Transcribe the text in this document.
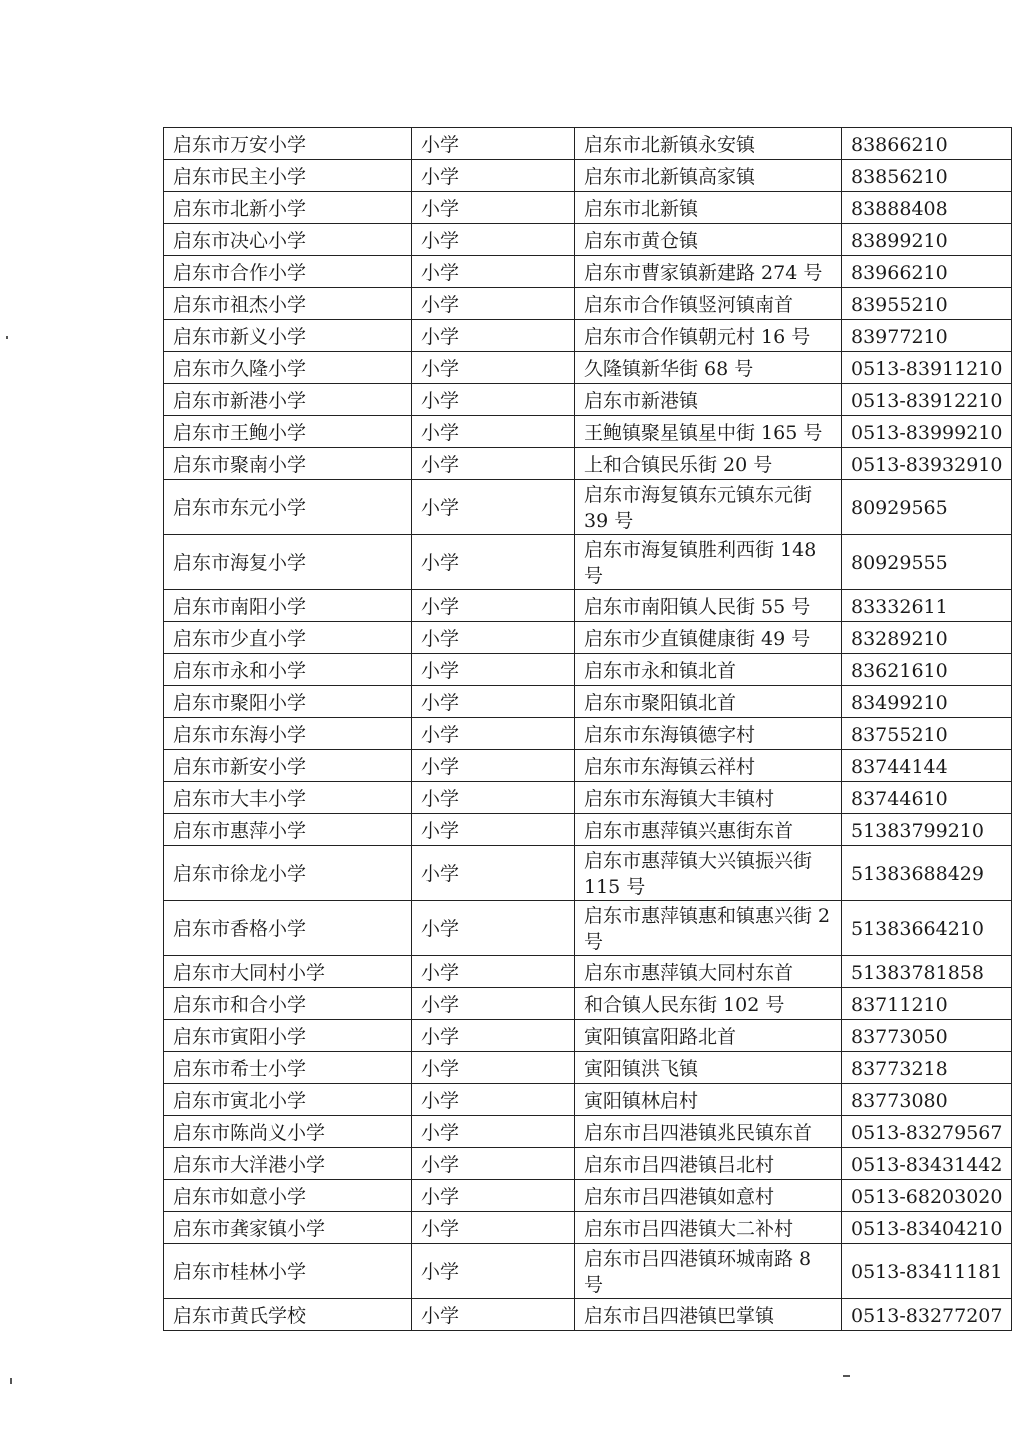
启东市万安小学	小学	启东市北新镇永安镇	83866210
启东市民主小学	小学	启东市北新镇高家镇	83856210
启东市北新小学	小学	启东市北新镇	83888408
启东市决心小学	小学	启东市黄仓镇	83899210
启东市合作小学	小学	启东市曹家镇新建路 274 号	83966210
启东市祖杰小学	小学	启东市合作镇竖河镇南首	83955210
启东市新义小学	小学	启东市合作镇朝元村 16 号	83977210
启东市久隆小学	小学	久隆镇新华街 68 号	0513-83911210
启东市新港小学	小学	启东市新港镇	0513-83912210
启东市王鲍小学	小学	王鲍镇聚星镇星中街 165 号	0513-83999210
启东市聚南小学	小学	上和合镇民乐街 20 号	0513-83932910
启东市东元小学	小学	启东市海复镇东元镇东元街 39 号	80929565
启东市海复小学	小学	启东市海复镇胜利西街 148 号	80929555
启东市南阳小学	小学	启东市南阳镇人民街 55 号	83332611
启东市少直小学	小学	启东市少直镇健康街 49 号	83289210
启东市永和小学	小学	启东市永和镇北首	83621610
启东市聚阳小学	小学	启东市聚阳镇北首	83499210
启东市东海小学	小学	启东市东海镇德字村	83755210
启东市新安小学	小学	启东市东海镇云祥村	83744144
启东市大丰小学	小学	启东市东海镇大丰镇村	83744610
启东市惠萍小学	小学	启东市惠萍镇兴惠街东首	51383799210
启东市徐龙小学	小学	启东市惠萍镇大兴镇振兴街 115 号	51383688429
启东市香格小学	小学	启东市惠萍镇惠和镇惠兴街 2 号	51383664210
启东市大同村小学	小学	启东市惠萍镇大同村东首	51383781858
启东市和合小学	小学	和合镇人民东街 102 号	83711210
启东市寅阳小学	小学	寅阳镇富阳路北首	83773050
启东市希士小学	小学	寅阳镇洪飞镇	83773218
启东市寅北小学	小学	寅阳镇林启村	83773080
启东市陈尚义小学	小学	启东市吕四港镇兆民镇东首	0513-83279567
启东市大洋港小学	小学	启东市吕四港镇吕北村	0513-83431442
启东市如意小学	小学	启东市吕四港镇如意村	0513-68203020
启东市龚家镇小学	小学	启东市吕四港镇大二补村	0513-83404210
启东市桂林小学	小学	启东市吕四港镇环城南路 8 号	0513-83411181
启东市黄氏学校	小学	启东市吕四港镇巴掌镇	0513-83277207
